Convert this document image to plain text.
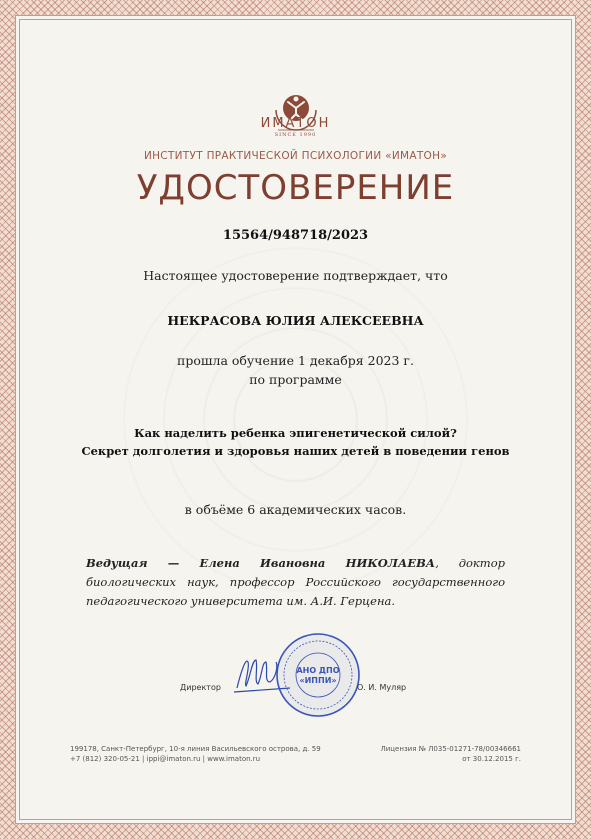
ИМАТОН
SINCE 1990
ИНСТИТУТ ПРАКТИЧЕСКОЙ ПСИХОЛОГИИ «ИМАТОН»
УДОСТОВЕРЕНИЕ
15564/948718/2023
Настоящее удостоверение подтверждает, что
НЕКРАСОВА ЮЛИЯ АЛЕКСЕЕВНА
прошла обучение 1 декабря 2023 г.
по программе
Как наделить ребенка эпигенетической силой?
Секрет долголетия и здоровья наших детей в поведении генов
в объёме 6 академических часов.
Ведущая — Елена Ивановна НИКОЛАЕВА, доктор биологических наук, профессор Российского государственного педагогического университета им. А.И. Герцена.
Директор
АНО ДПО
«ИППИ»
О. И. Муляр
199178, Санкт-Петербург, 10-я линия Васильевского острова, д. 59
+7 (812) 320-05-21 | ippi@imaton.ru | www.imaton.ru
Лицензия № Л035-01271-78/00346661
от 30.12.2015 г.
